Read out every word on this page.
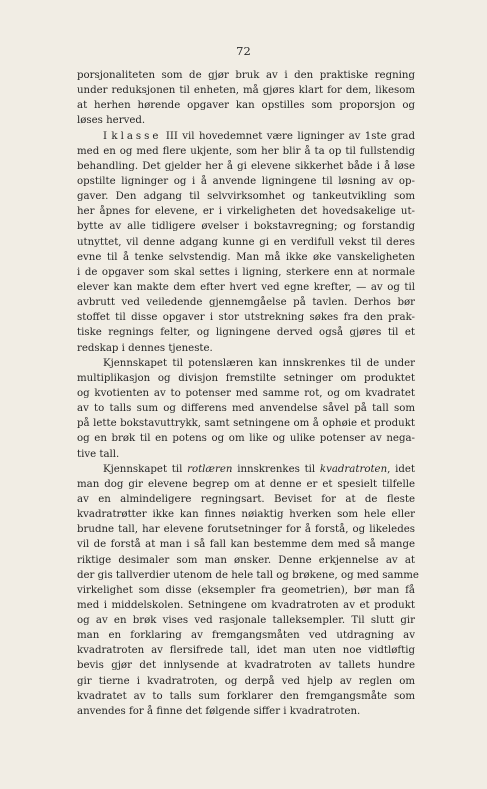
72
porsjonaliteten som de gjør bruk av i den praktiske regning
under reduksjonen til enheten, må gjøres klart for dem, likesom
at herhen hørende opgaver kan opstilles som proporsjon og
løses herved.
I klasse III vil hovedemnet være ligninger av 1ste grad
med en og med flere ukjente, som her blir å ta op til fullstendig
behandling. Det gjelder her å gi elevene sikkerhet både i å løse
opstilte ligninger og i å anvende ligningene til løsning av op-
gaver. Den adgang til selvvirksomhet og tankeutvikling som
her åpnes for elevene, er i virkeligheten det hovedsakelige ut-
bytte av alle tidligere øvelser i bokstavregning; og forstandig
utnyttet, vil denne adgang kunne gi en verdifull vekst til deres
evne til å tenke selvstendig. Man må ikke øke vanskeligheten
i de opgaver som skal settes i ligning, sterkere enn at normale
elever kan makte dem efter hvert ved egne krefter, — av og til
avbrutt ved veiledende gjennemgåelse på tavlen. Derhos bør
stoffet til disse opgaver i stor utstrekning søkes fra den prak-
tiske regnings felter, og ligningene derved også gjøres til et
redskap i dennes tjeneste.
Kjennskapet til potenslæren kan innskrenkes til de under
multiplikasjon og divisjon fremstilte setninger om produktet
og kvotienten av to potenser med samme rot, og om kvadratet
av to talls sum og differens med anvendelse såvel på tall som
på lette bokstavuttrykk, samt setningene om å ophøie et produkt
og en brøk til en potens og om like og ulike potenser av nega-
tive tall.
Kjennskapet til rotlæren innskrenkes til kvadratroten, idet
man dog gir elevene begrep om at denne er et spesielt tilfelle
av en almindeligere regningsart. Beviset for at de fleste
kvadratrøtter ikke kan finnes nøiaktig hverken som hele eller
brudne tall, har elevene forutsetninger for å forstå, og likeledes
vil de forstå at man i så fall kan bestemme dem med så mange
riktige desimaler som man ønsker. Denne erkjennelse av at
der gis tallverdier utenom de hele tall og brøkene, og med samme
virkelighet som disse (eksempler fra geometrien), bør man få
med i middelskolen. Setningene om kvadratroten av et produkt
og av en brøk vises ved rasjonale talleksempler. Til slutt gir
man en forklaring av fremgangsmåten ved utdragning av
kvadratroten av flersifrede tall, idet man uten noe vidtløftig
bevis gjør det innlysende at kvadratroten av tallets hundre
gir tierne i kvadratroten, og derpå ved hjelp av reglen om
kvadratet av to talls sum forklarer den fremgangsmåte som
anvendes for å finne det følgende siffer i kvadratroten.
